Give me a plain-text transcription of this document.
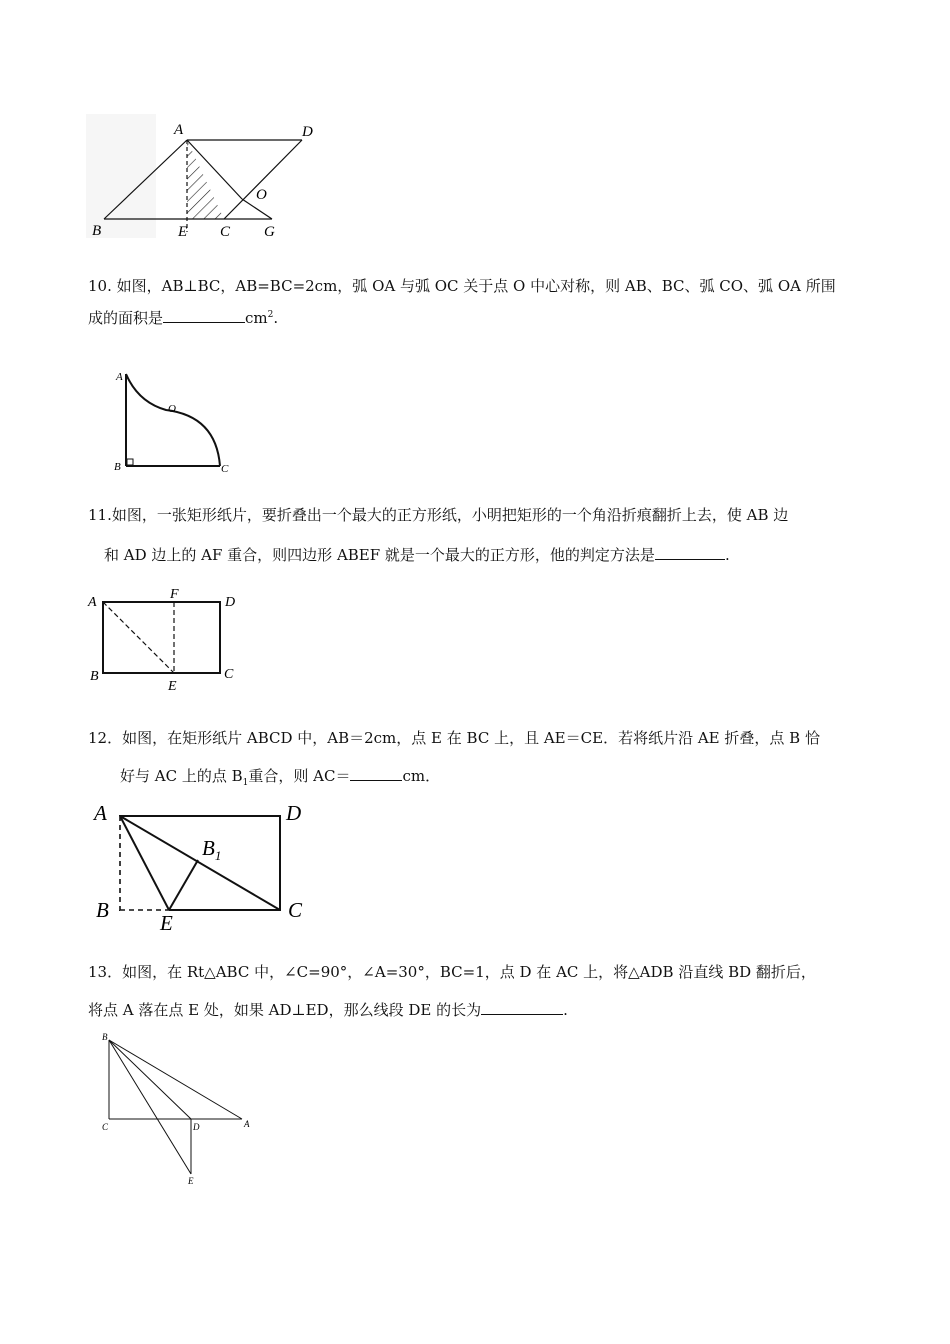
A	D
O
B	E C G
10. 如图，AB⊥BC，AB=BC=2cm，弧 OA 与弧 OC 关于点 O 中心对称，则 AB、BC、弧 CO、弧 OA 所围
成的面积是	$cm^2$.
A
O
B	C
11.如图，一张矩形纸片，要折叠出一个最大的正方形纸，小明把矩形的一个角沿折痕翻折上去，使 AB 边
和 AD 边上的 AF 重合，则四边形 ABEF 就是一个最大的正方形，他的判定方法是	.
A
F
D
B
E
C
12．如图，在矩形纸片 ABCD 中，AB＝2cm，点 E 在 BC 上，且 AE＝CE．若将纸片沿 AE 折叠，点 B 恰
好与 AC 上的点 $B_1$重合，则 AC＝	cm．
A	D
$B_1$
B
E
C
13．如图，在 Rt△ABC 中，∠C=90°，∠A=30°，BC=1，点 D 在 AC 上，将△ADB 沿直线 BD 翻折后，
将点 A 落在点 E 处，如果 AD⊥ED，那么线段 DE 的长为	.
B
C	D	A
E
